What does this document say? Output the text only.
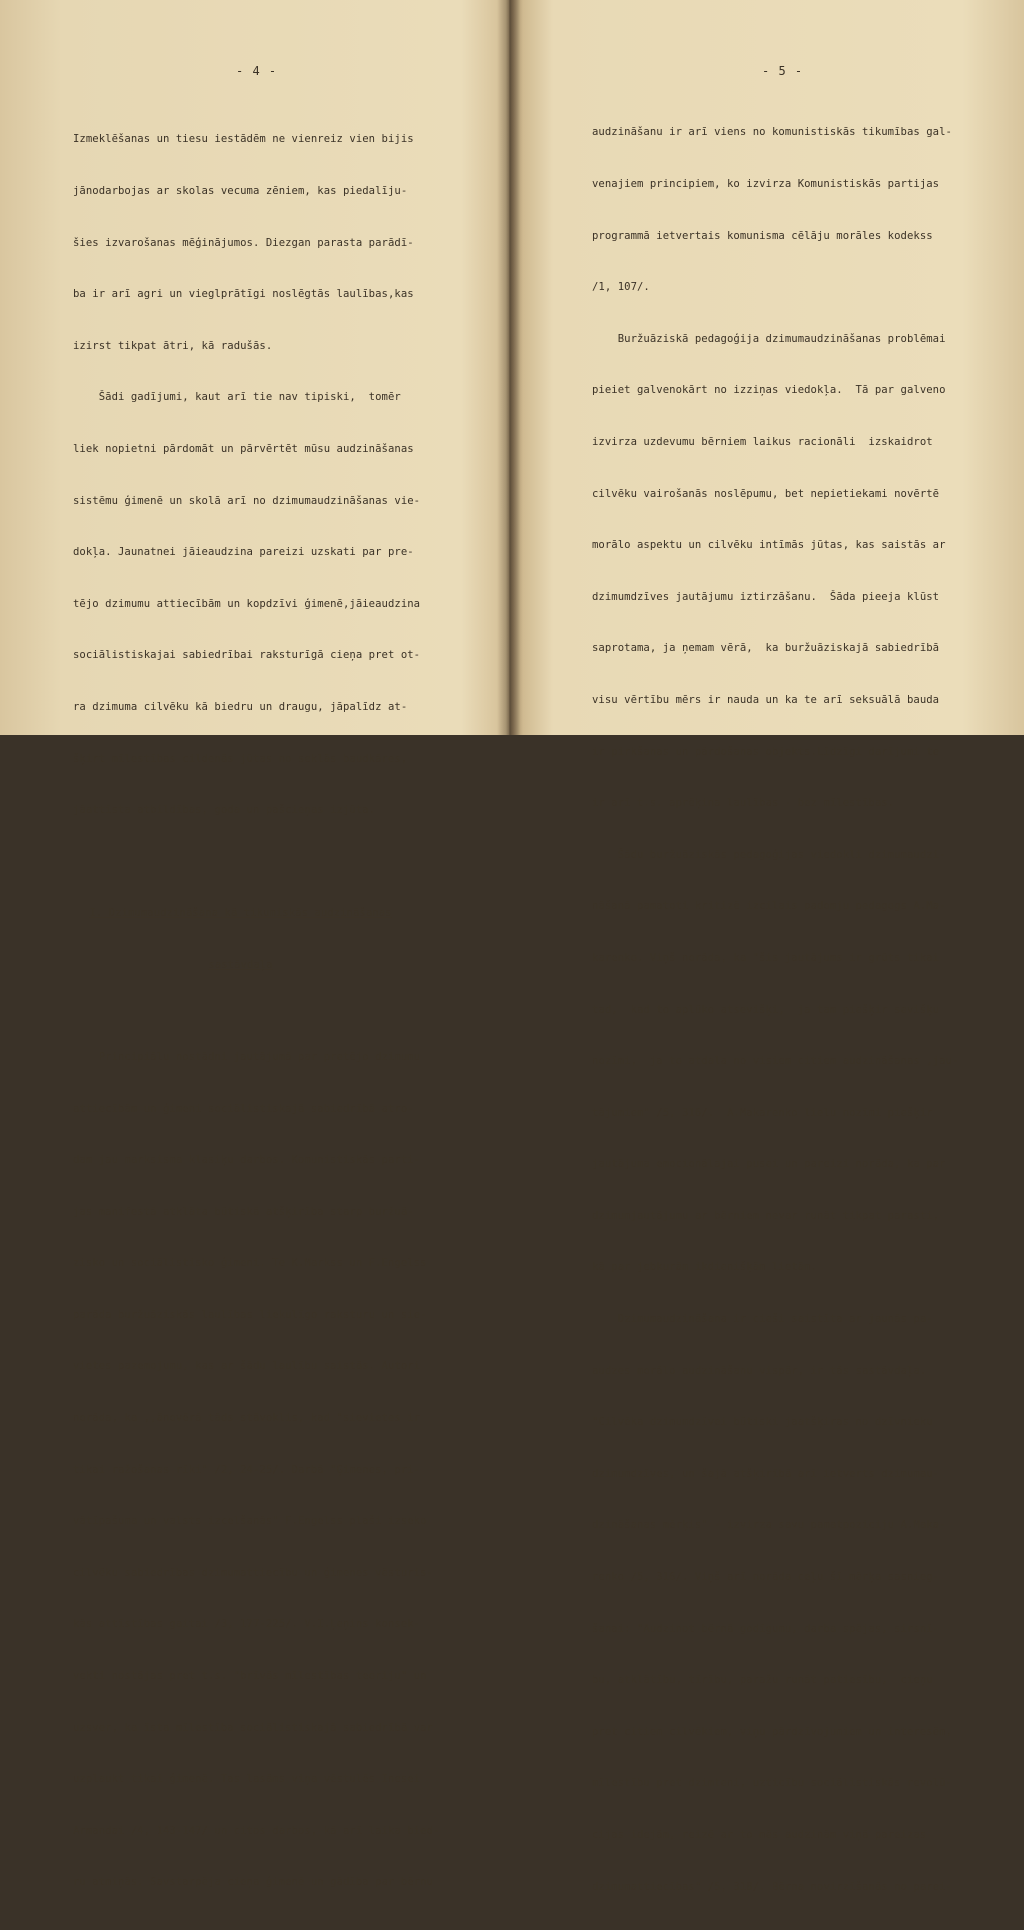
- 4 -

Izmeklēšanas un tiesu iestādēm ne vienreiz vien bijis

jānodarbojas ar skolas vecuma zēniem, kas piedalīju-

šies izvarošanas mēģinājumos. Diezgan parasta parādī-

ba ir arī agri un vieglprātīgi noslēgtās laulības,kas

izirst tikpat ātri, kā radušās.

Šādi gadījumi, kaut arī tie nav tipiski,  tomēr

liek nopietni pārdomāt un pārvērtēt mūsu audzināšanas

sistēmu ģimenē un skolā arī no dzimumaudzināšanas vie-

dokļa. Jaunatnei jāieaudzina pareizi uzskati par pre-

tējo dzimumu attiecībām un kopdzīvi ģimenē,jāieaudzina

sociālistiskajai sabiedrībai raksturīgā cieņa pret ot-

ra dzimuma cilvēku kā biedru un draugu, jāpalīdz at-

šķirt mīlestības cildenās jūtas no seklās baudkāres,

jāattīsta atbildības, goda un pašcieņas izjūta.

I. Dzimumaudzināšana kā tikumiskās audzināšanas

sastāvdaļa

Principiālu nostādni jautājumā par pretējo dzimumu

attiecībām un ģimeni sociālistiskajā sabiedrībā atro-

dam jau marksisma klasiķu darbos. Komunistiskās parti-

jas manifestā atklāta būtiskā atšķirība starp buržuā-

zisko un sociālistisko ģimeni. Te K.Markss un F.Engelss

parāda buržuāziskās laulības liekulīgo raksturu un sie-

vietes pazemojumu, kas ar šādu laulību saistās. Autori

norāda, ka ,,ānovērā tāds stāvoklis, kad "sievietes ir

tikai ražošanas rīki" /2, 24-25/. Darbā "Ģimenes, pri-

vātīpašuma un valsts izcelšanās" F.Engelss plaši izseko

cilvēku sabiedrības dzimumattiecību un ģimenes vēsturis-

kās attīstības gaitai /3, 177-225/. V.I.Ļeņins konsek-

vekti nostājas pret t.s. "brīvās mīlestības teoriju" un

uzsver, ka īsta mīlestība sociālistiskajā sabiedrībā var

uzplaukt tikai ģimenē. Tas lasāms viņa vēstulēs Inesei

Armandai /4, 143-147/ un citos darbos, kā arī laika bied-

ru atmiņās. Savstarpēja cieņa ģimenē un gādība par bērnu

- 5 -

audzināšanu ir arī viens no komunistiskās tikumības gal-

venajiem principiem, ko izvirza Komunistiskās partijas

programmā ietvertais komunisma cēlāju morāles kodekss

/1, 107/.

Buržuāziskā pedagoģija dzimumaudzināšanas problēmai

pieiet galvenokārt no izziņas viedokļa.  Tā par galveno

izvirza uzdevumu bērniem laikus racionāli  izskaidrot

cilvēku vairošanās noslēpumu, bet nepietiekami novērtē

morālo aspektu un cilvēku intīmās jūtas, kas saistās ar

dzimumdzīves jautājumu iztirzāšanu.  Šāda pieeja klūst

saprotama, ja ņemam vērā,  ka buržuāziskajā sabiedrībā

visu vērtību mērs ir nauda un ka te arī seksuālā bauda

ir pirkšanas un pārdošanas objekts.Līdzīgi darījumi te

ir arī t.s. aprēķina laulības - bez mīlestības.

Šādu buržuāziskās pedagoģijas viedokli dzimumaudzi-

nāšanā pamatoti kritizē izcilais padomju pedagogs A.Ma-

karenko. Viņš norāda, ka "šis jautājums ir grūts tikai

tad,  kad to aplūko atsevišķi,  ja tam piešķir sevišķu

nozīmi,  ja to atdala no visiem citiem audzināšanas ,jau-

tājumiem" /5, 316/.  A.Makarenko lielu nozīmi piešķir

jautājuma emocionālajai pusei un pareizi norāda, ka par

dzimumjautājumu ar bērniem nevar runāt tikpat parasti,

kā par jebkurām ikdienišķām lietām.

Dzimumaudzināšana ir cieši saistīta ar jaunās pa-

audzes morālo audzināšanu vispār, ir tās sastāvdaļa.

"Cilvēka dzimumdzīvei būtiski jaatšķiras no dzīvnieku

dzimumdzīves, un šajā atšķirībā arī ietverts dzimumau-

dzināšanas mērķis" - izvirza savu pamatpoziciju A.Maka-

renko /5, 316/. Viņš arī norāda ceļu šī mērķa sasnieg-

šanai: "Audzinot bērnā godīgumu, darba spējas, sirsnī-

bu, atklātību, tīrību, paražu runāt patiesību,  cieņu

pret citiem cilvēkiem, viņu pārdzīvojumiem un interesēm,

mīlestību pret dzimteni, uzticību sociālistiskās revolū-

cijas idejām, reizē ar to mēs audzinām viņā pareizas

dzimumattiecības" /5, 318/. Bērna novirzīšanās no parei-
